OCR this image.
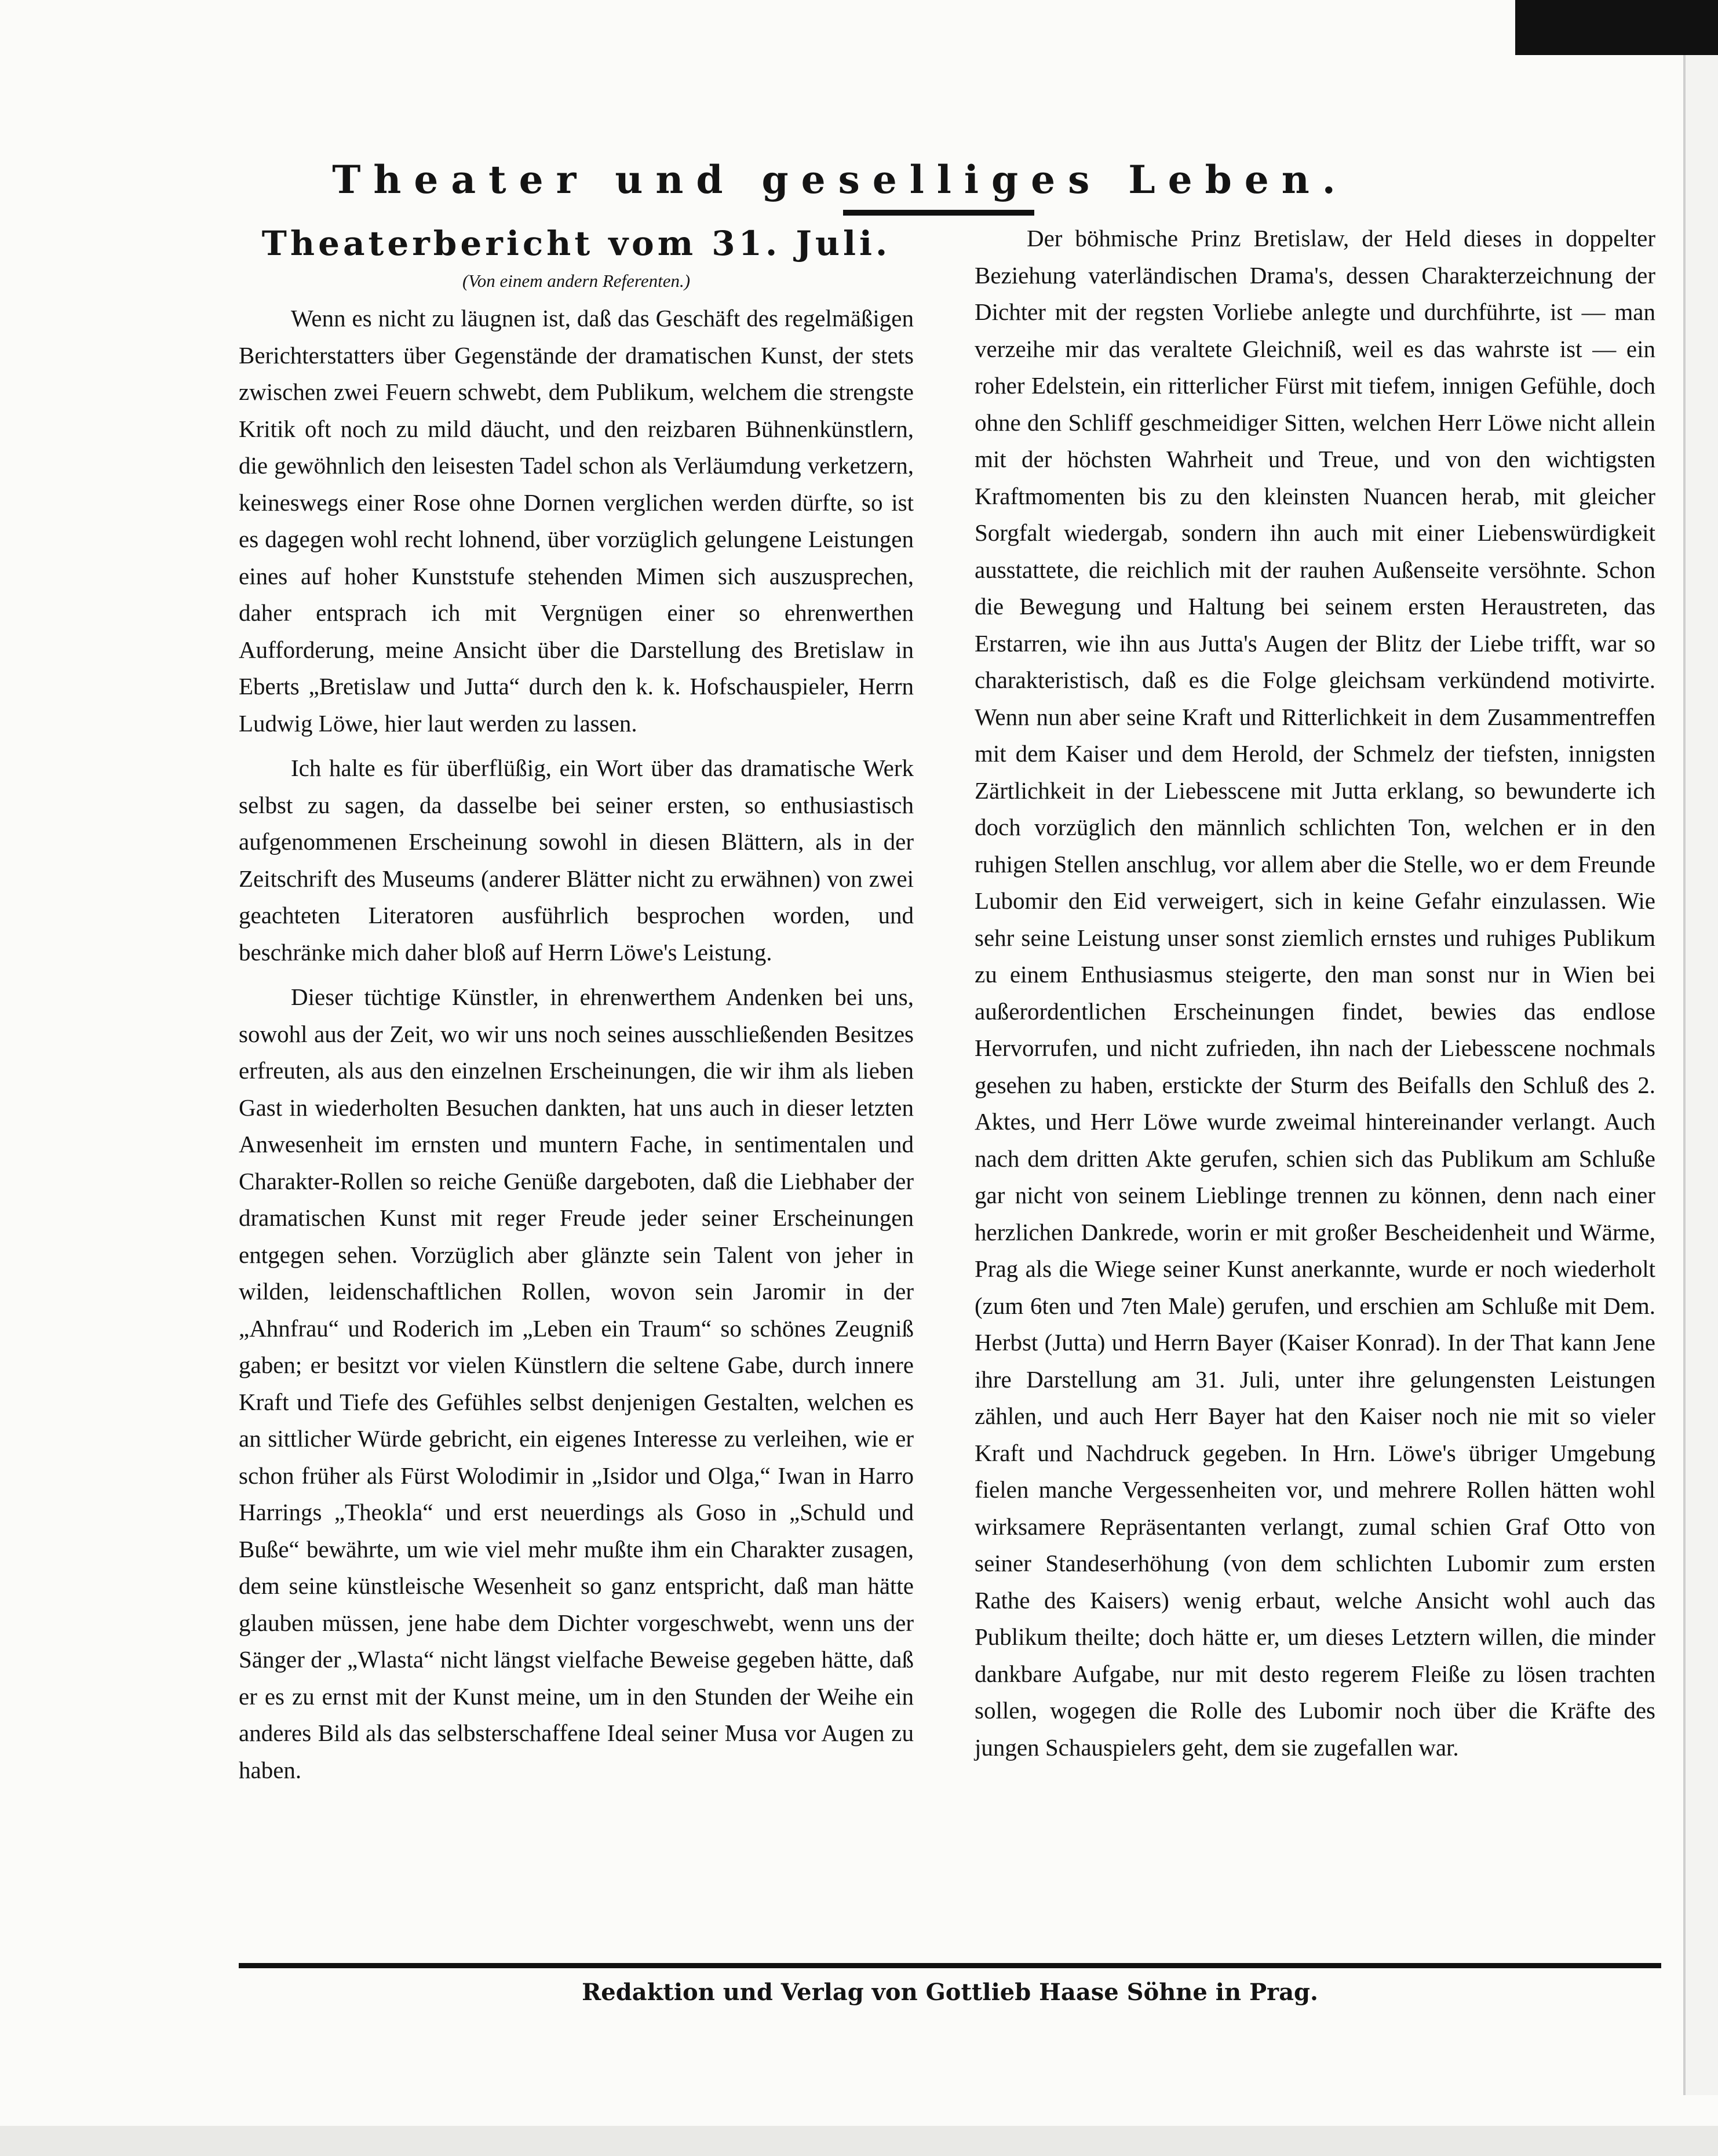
Theater und geselliges Leben.
Theaterbericht vom 31. Juli.
(Von einem andern Referenten.)

Wenn es nicht zu läugnen ist, daß das Geschäft des regelmäßigen Berichterstatters über Gegenstände der dramatischen Kunst, der stets zwischen zwei Feuern schwebt, dem Publikum, welchem die strengste Kritik oft noch zu mild däucht, und den reizbaren Bühnenkünstlern, die gewöhnlich den leisesten Tadel schon als Verläumdung verketzern, keineswegs einer Rose ohne Dornen verglichen werden dürfte, so ist es dagegen wohl recht lohnend, über vorzüglich gelungene Leistungen eines auf hoher Kunststufe stehenden Mimen sich auszusprechen, daher entsprach ich mit Vergnügen einer so ehrenwerthen Aufforderung, meine Ansicht über die Darstellung des Bretislaw in Eberts „Bretislaw und Jutta“ durch den k. k. Hofschauspieler, Herrn Ludwig Löwe, hier laut werden zu lassen.

Ich halte es für überflüßig, ein Wort über das dramatische Werk selbst zu sagen, da dasselbe bei seiner ersten, so enthusiastisch aufgenommenen Erscheinung sowohl in diesen Blättern, als in der Zeitschrift des Museums (anderer Blätter nicht zu erwähnen) von zwei geachteten Literatoren ausführlich besprochen worden, und beschränke mich daher bloß auf Herrn Löwe's Leistung.

Dieser tüchtige Künstler, in ehrenwerthem Andenken bei uns, sowohl aus der Zeit, wo wir uns noch seines ausschließenden Besitzes erfreuten, als aus den einzelnen Erscheinungen, die wir ihm als lieben Gast in wiederholten Besuchen dankten, hat uns auch in dieser letzten Anwesenheit im ernsten und muntern Fache, in sentimentalen und Charakter-Rollen so reiche Genüße dargeboten, daß die Liebhaber der dramatischen Kunst mit reger Freude jeder seiner Erscheinungen entgegen sehen. Vorzüglich aber glänzte sein Talent von jeher in wilden, leidenschaftlichen Rollen, wovon sein Jaromir in der „Ahnfrau“ und Roderich im „Leben ein Traum“ so schönes Zeugniß gaben; er besitzt vor vielen Künstlern die seltene Gabe, durch innere Kraft und Tiefe des Gefühles selbst denjenigen Gestalten, welchen es an sittlicher Würde gebricht, ein eigenes Interesse zu verleihen, wie er schon früher als Fürst Wolodimir in „Isidor und Olga,“ Iwan in Harro Harrings „Theokla“ und erst neuerdings als Goso in „Schuld und Buße“ bewährte, um wie viel mehr mußte ihm ein Charakter zusagen, dem seine künstleische Wesenheit so ganz entspricht, daß man hätte glauben müssen, jene habe dem Dichter vorgeschwebt, wenn uns der Sänger der „Wlasta“ nicht längst vielfache Beweise gegeben hätte, daß er es zu ernst mit der Kunst meine, um in den Stunden der Weihe ein anderes Bild als das selbsterschaffene Ideal seiner Musa vor Augen zu haben.

Der böhmische Prinz Bretislaw, der Held dieses in doppelter Beziehung vaterländischen Drama's, dessen Charakterzeichnung der Dichter mit der regsten Vorliebe anlegte und durchführte, ist — man verzeihe mir das veraltete Gleichniß, weil es das wahrste ist — ein roher Edelstein, ein ritterlicher Fürst mit tiefem, innigen Gefühle, doch ohne den Schliff geschmeidiger Sitten, welchen Herr Löwe nicht allein mit der höchsten Wahrheit und Treue, und von den wichtigsten Kraftmomenten bis zu den kleinsten Nuancen herab, mit gleicher Sorgfalt wiedergab, sondern ihn auch mit einer Liebenswürdigkeit ausstattete, die reichlich mit der rauhen Außenseite versöhnte. Schon die Bewegung und Haltung bei seinem ersten Heraustreten, das Erstarren, wie ihn aus Jutta's Augen der Blitz der Liebe trifft, war so charakteristisch, daß es die Folge gleichsam verkündend motivirte. Wenn nun aber seine Kraft und Ritterlichkeit in dem Zusammentreffen mit dem Kaiser und dem Herold, der Schmelz der tiefsten, innigsten Zärtlichkeit in der Liebesscene mit Jutta erklang, so bewunderte ich doch vorzüglich den männlich schlichten Ton, welchen er in den ruhigen Stellen anschlug, vor allem aber die Stelle, wo er dem Freunde Lubomir den Eid verweigert, sich in keine Gefahr einzulassen. Wie sehr seine Leistung unser sonst ziemlich ernstes und ruhiges Publikum zu einem Enthusiasmus steigerte, den man sonst nur in Wien bei außerordentlichen Erscheinungen findet, bewies das endlose Hervorrufen, und nicht zufrieden, ihn nach der Liebesscene nochmals gesehen zu haben, erstickte der Sturm des Beifalls den Schluß des 2. Aktes, und Herr Löwe wurde zweimal hintereinander verlangt. Auch nach dem dritten Akte gerufen, schien sich das Publikum am Schluße gar nicht von seinem Lieblinge trennen zu können, denn nach einer herzlichen Dankrede, worin er mit großer Bescheidenheit und Wärme, Prag als die Wiege seiner Kunst anerkannte, wurde er noch wiederholt (zum 6ten und 7ten Male) gerufen, und erschien am Schluße mit Dem. Herbst (Jutta) und Herrn Bayer (Kaiser Konrad). In der That kann Jene ihre Darstellung am 31. Juli, unter ihre gelungensten Leistungen zählen, und auch Herr Bayer hat den Kaiser noch nie mit so vieler Kraft und Nachdruck gegeben. In Hrn. Löwe's übriger Umgebung fielen manche Vergessenheiten vor, und mehrere Rollen hätten wohl wirksamere Repräsentanten verlangt, zumal schien Graf Otto von seiner Standeserhöhung (von dem schlichten Lubomir zum ersten Rathe des Kaisers) wenig erbaut, welche Ansicht wohl auch das Publikum theilte; doch hätte er, um dieses Letztern willen, die minder dankbare Aufgabe, nur mit desto regerem Fleiße zu lösen trachten sollen, wogegen die Rolle des Lubomir noch über die Kräfte des jungen Schauspielers geht, dem sie zugefallen war.

Redaktion und Verlag von Gottlieb Haase Söhne in Prag.
